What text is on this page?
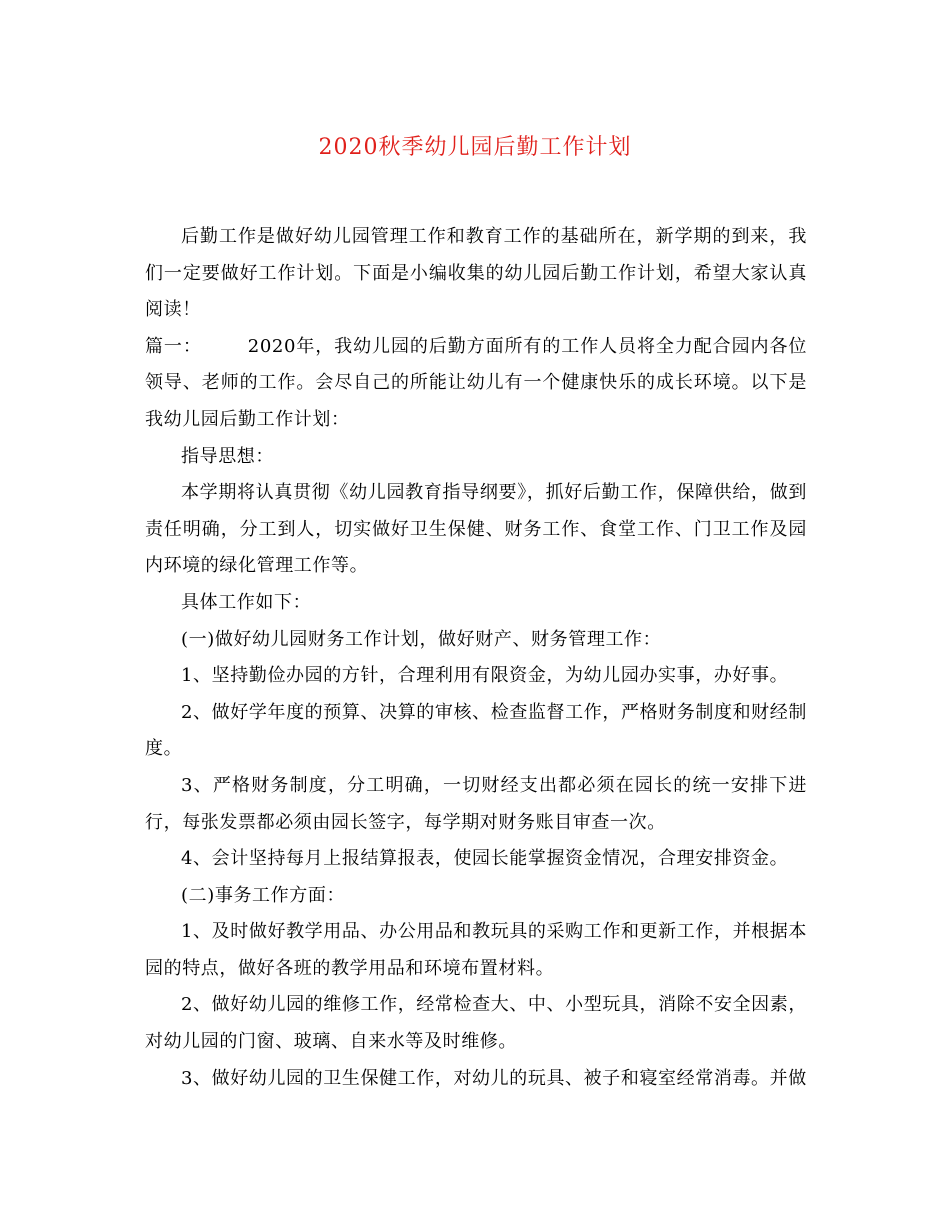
2020秋季幼儿园后勤工作计划

后勤工作是做好幼儿园管理工作和教育工作的基础所在，新学期的到来，我们一定要做好工作计划。下面是小编收集的幼儿园后勤工作计划，希望大家认真阅读！

篇一：	2020年，我幼儿园的后勤方面所有的工作人员将全力配合园内各位领导、老师的工作。会尽自己的所能让幼儿有一个健康快乐的成长环境。以下是我幼儿园后勤工作计划：

指导思想：

本学期将认真贯彻《幼儿园教育指导纲要》，抓好后勤工作，保障供给，做到责任明确，分工到人，切实做好卫生保健、财务工作、食堂工作、门卫工作及园内环境的绿化管理工作等。

具体工作如下：

(一)做好幼儿园财务工作计划，做好财产、财务管理工作：

1、坚持勤俭办园的方针，合理利用有限资金，为幼儿园办实事，办好事。

2、做好学年度的预算、决算的审核、检查监督工作，严格财务制度和财经制度。

3、严格财务制度，分工明确，一切财经支出都必须在园长的统一安排下进行，每张发票都必须由园长签字，每学期对财务账目审查一次。

4、会计坚持每月上报结算报表，使园长能掌握资金情况，合理安排资金。

(二)事务工作方面：

1、及时做好教学用品、办公用品和教玩具的采购工作和更新工作，并根据本园的特点，做好各班的教学用品和环境布置材料。

2、做好幼儿园的维修工作，经常检查大、中、小型玩具，消除不安全因素，对幼儿园的门窗、玻璃、自来水等及时维修。

3、做好幼儿园的卫生保健工作，对幼儿的玩具、被子和寝室经常消毒。并做
